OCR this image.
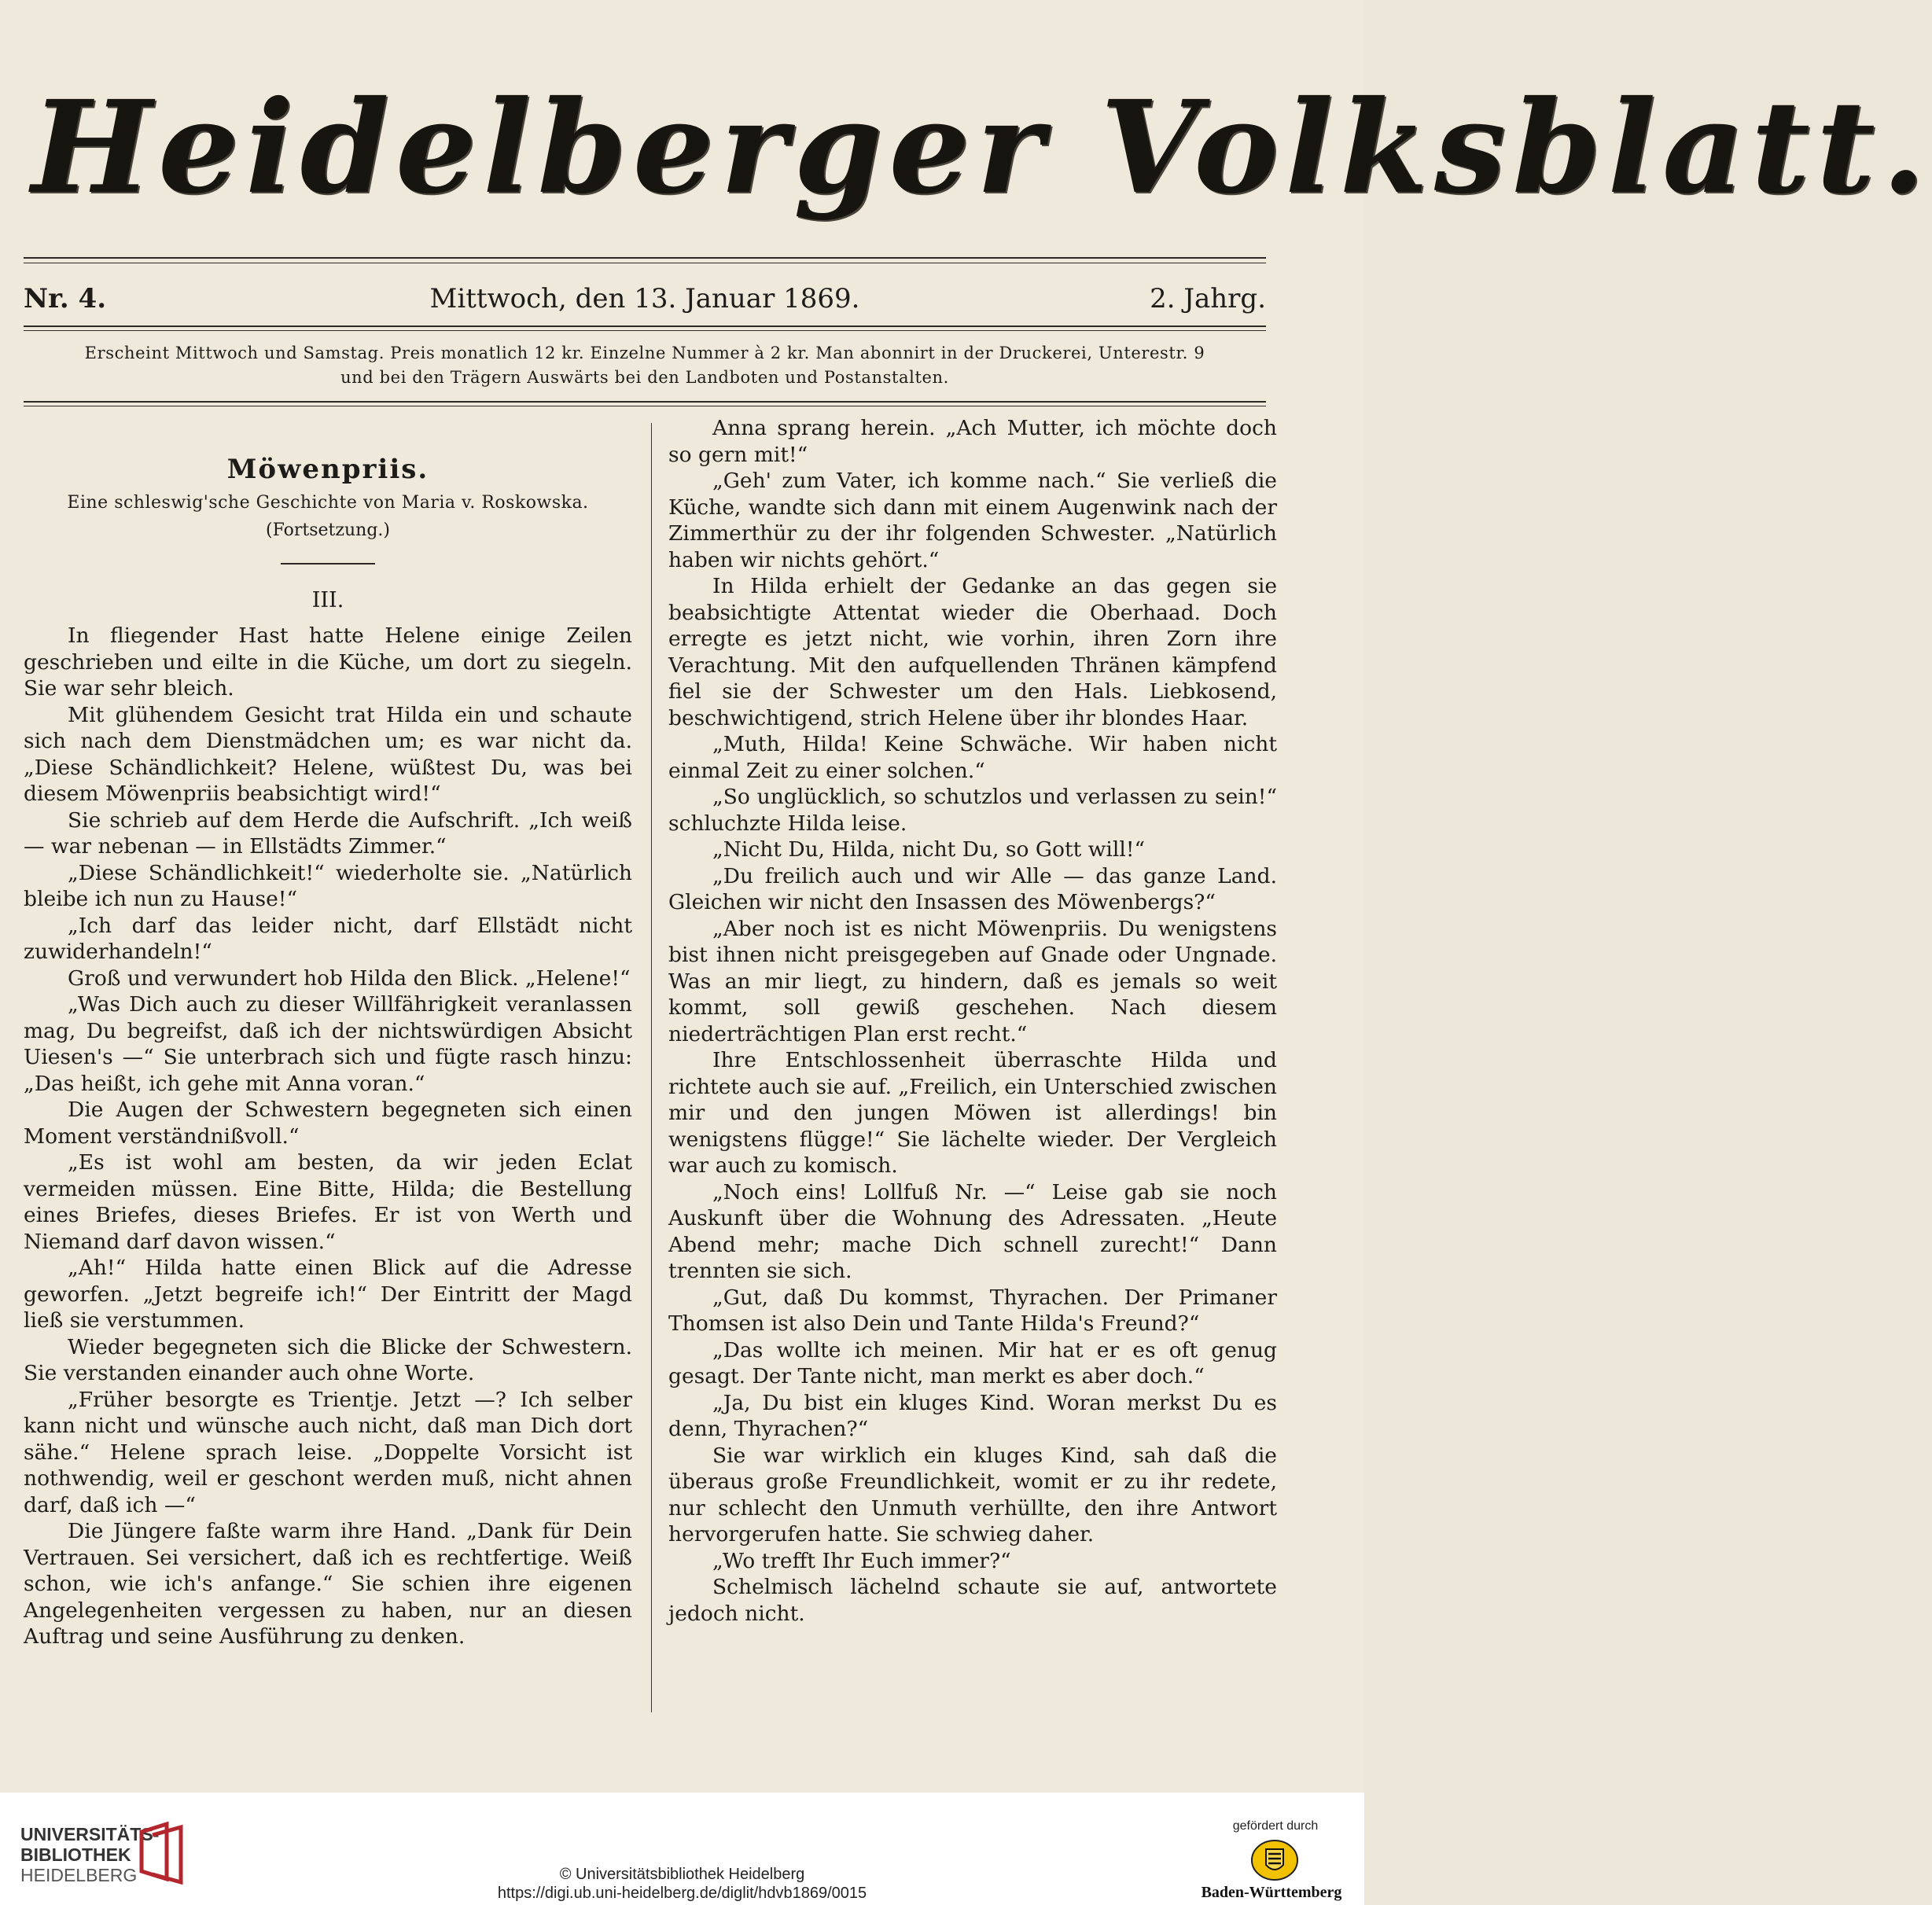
Heidelberger Volksblatt.
Mittwoch, den 13. Januar 1869.
Nr. 4.	2. Jahrg.
Erscheint Mittwoch und Samstag. Preis monatlich 12 kr. Einzelne Nummer à 2 kr. Man abonnirt in der Druckerei, Unterestr. 9
und bei den Trägern Auswärts bei den Landboten und Postanstalten.
Möwenpriis.
Eine schleswig'sche Geschichte von Maria v. Roskowska.
(Fortsetzung.)
III.

In fliegender Hast hatte Helene einige Zeilen geschrieben und eilte in die Küche, um dort zu siegeln. Sie war sehr bleich.

Mit glühendem Gesicht trat Hilda ein und schaute sich nach dem Dienstmädchen um; es war nicht da. „Diese Schändlichkeit? Helene, wüßtest Du, was bei diesem Möwenpriis beabsichtigt wird!“

Sie schrieb auf dem Herde die Aufschrift. „Ich weiß — war nebenan — in Ellstädts Zimmer.“

„Diese Schändlichkeit!“ wiederholte sie. „Natürlich bleibe ich nun zu Hause!“

„Ich darf das leider nicht, darf Ellstädt nicht zuwiderhandeln!“

Groß und verwundert hob Hilda den Blick. „Helene!“

„Was Dich auch zu dieser Willfährigkeit veranlassen mag, Du begreifst, daß ich der nichtswürdigen Absicht Uiesen's —“ Sie unterbrach sich und fügte rasch hinzu: „Das heißt, ich gehe mit Anna voran.“

Die Augen der Schwestern begegneten sich einen Moment verständnißvoll.“

„Es ist wohl am besten, da wir jeden Eclat vermeiden müssen. Eine Bitte, Hilda; die Bestellung eines Briefes, dieses Briefes. Er ist von Werth und Niemand darf davon wissen.“

„Ah!“ Hilda hatte einen Blick auf die Adresse geworfen. „Jetzt begreife ich!“ Der Eintritt der Magd ließ sie verstummen.

Wieder begegneten sich die Blicke der Schwestern. Sie verstanden einander auch ohne Worte.

„Früher besorgte es Trientje. Jetzt —? Ich selber kann nicht und wünsche auch nicht, daß man Dich dort sähe.“ Helene sprach leise. „Doppelte Vorsicht ist nothwendig, weil er geschont werden muß, nicht ahnen darf, daß ich —“

Die Jüngere faßte warm ihre Hand. „Dank für Dein Vertrauen. Sei versichert, daß ich es rechtfertige. Weiß schon, wie ich's anfange.“ Sie schien ihre eigenen Angelegenheiten vergessen zu haben, nur an diesen Auftrag und seine Ausführung zu denken.

Anna sprang herein. „Ach Mutter, ich möchte doch so gern mit!“

„Geh' zum Vater, ich komme nach.“ Sie verließ die Küche, wandte sich dann mit einem Augenwink nach der Zimmerthür zu der ihr folgenden Schwester. „Natürlich haben wir nichts gehört.“

In Hilda erhielt der Gedanke an das gegen sie beabsichtigte Attentat wieder die Oberhaad. Doch erregte es jetzt nicht, wie vorhin, ihren Zorn ihre Verachtung. Mit den aufquellenden Thränen kämpfend fiel sie der Schwester um den Hals. Liebkosend, beschwichtigend, strich Helene über ihr blondes Haar.

„Muth, Hilda! Keine Schwäche. Wir haben nicht einmal Zeit zu einer solchen.“

„So unglücklich, so schutzlos und verlassen zu sein!“ schluchzte Hilda leise.

„Nicht Du, Hilda, nicht Du, so Gott will!“

„Du freilich auch und wir Alle — das ganze Land. Gleichen wir nicht den Insassen des Möwenbergs?“

„Aber noch ist es nicht Möwenpriis. Du wenigstens bist ihnen nicht preisgegeben auf Gnade oder Ungnade. Was an mir liegt, zu hindern, daß es jemals so weit kommt, soll gewiß geschehen. Nach diesem niederträchtigen Plan erst recht.“

Ihre Entschlossenheit überraschte Hilda und richtete auch sie auf. „Freilich, ein Unterschied zwischen mir und den jungen Möwen ist allerdings! bin wenigstens flügge!“ Sie lächelte wieder. Der Vergleich war auch zu komisch.

„Noch eins! Lollfuß Nr. —“ Leise gab sie noch Auskunft über die Wohnung des Adressaten. „Heute Abend mehr; mache Dich schnell zurecht!“ Dann trennten sie sich.

„Gut, daß Du kommst, Thyrachen. Der Primaner Thomsen ist also Dein und Tante Hilda's Freund?“

„Das wollte ich meinen. Mir hat er es oft genug gesagt. Der Tante nicht, man merkt es aber doch.“

„Ja, Du bist ein kluges Kind. Woran merkst Du es denn, Thyrachen?“

Sie war wirklich ein kluges Kind, sah daß die überaus große Freundlichkeit, womit er zu ihr redete, nur schlecht den Unmuth verhüllte, den ihre Antwort hervorgerufen hatte. Sie schwieg daher.

„Wo trefft Ihr Euch immer?“

Schelmisch lächelnd schaute sie auf, antwortete jedoch nicht.

UNIVERSITÄTS-
BIBLIOTHEK
HEIDELBERG	© Universitätsbibliothek Heidelberg
https://digi.ub.uni-heidelberg.de/diglit/hdvb1869/0015
gefördert durch
Baden-Württemberg
